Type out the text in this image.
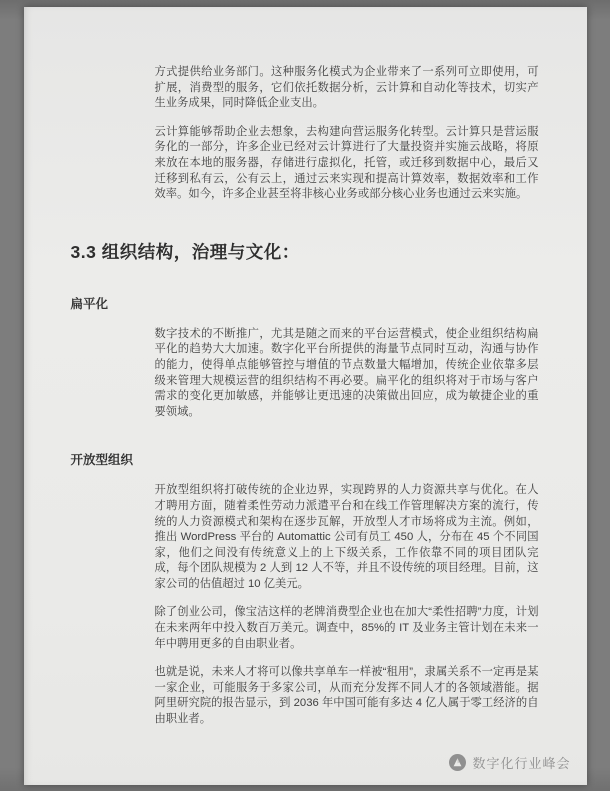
方式提供给业务部门。这种服务化模式为企业带来了一系列可立即使用，可扩展，消费型的服务，它们依托数据分析，云计算和自动化等技术，切实产生业务成果，同时降低企业支出。

云计算能够帮助企业去想象，去构建向营运服务化转型。云计算只是营运服务化的一部分，许多企业已经对云计算进行了大量投资并实施云战略，将原来放在本地的服务器，存储进行虚拟化，托管，或迁移到数据中心，最后又迁移到私有云，公有云上，通过云来实现和提高计算效率，数据效率和工作效率。如今，许多企业甚至将非核心业务或部分核心业务也通过云来实施。

3.3 组织结构，治理与文化：
扁平化

数字技术的不断推广，尤其是随之而来的平台运营模式，使企业组织结构扁平化的趋势大大加速。数字化平台所提供的海量节点同时互动，沟通与协作的能力，使得单点能够管控与增值的节点数量大幅增加，传统企业依靠多层级来管理大规模运营的组织结构不再必要。扁平化的组织将对于市场与客户需求的变化更加敏感，并能够让更迅速的决策做出回应，成为敏捷企业的重要领域。

开放型组织

开放型组织将打破传统的企业边界，实现跨界的人力资源共享与优化。在人才聘用方面，随着柔性劳动力派遣平台和在线工作管理解决方案的流行，传统的人力资源模式和架构在逐步瓦解，开放型人才市场将成为主流。例如，推出 WordPress 平台的 Automattic 公司有员工 450 人，分布在 45 个不同国家，他们之间没有传统意义上的上下级关系，工作依靠不同的项目团队完成，每个团队规模为 2 人到 12 人不等，并且不设传统的项目经理。目前，这家公司的估值超过 10 亿美元。

除了创业公司，像宝洁这样的老牌消费型企业也在加大“柔性招聘”力度，计划在未来两年中投入数百万美元。调查中，85%的 IT 及业务主管计划在未来一年中聘用更多的自由职业者。

也就是说，未来人才将可以像共享单车一样被“租用”，隶属关系不一定再是某一家企业，可能服务于多家公司，从而充分发挥不同人才的各领域潜能。据阿里研究院的报告显示，到 2036 年中国可能有多达 4 亿人属于零工经济的自由职业者。

数字化行业峰会
